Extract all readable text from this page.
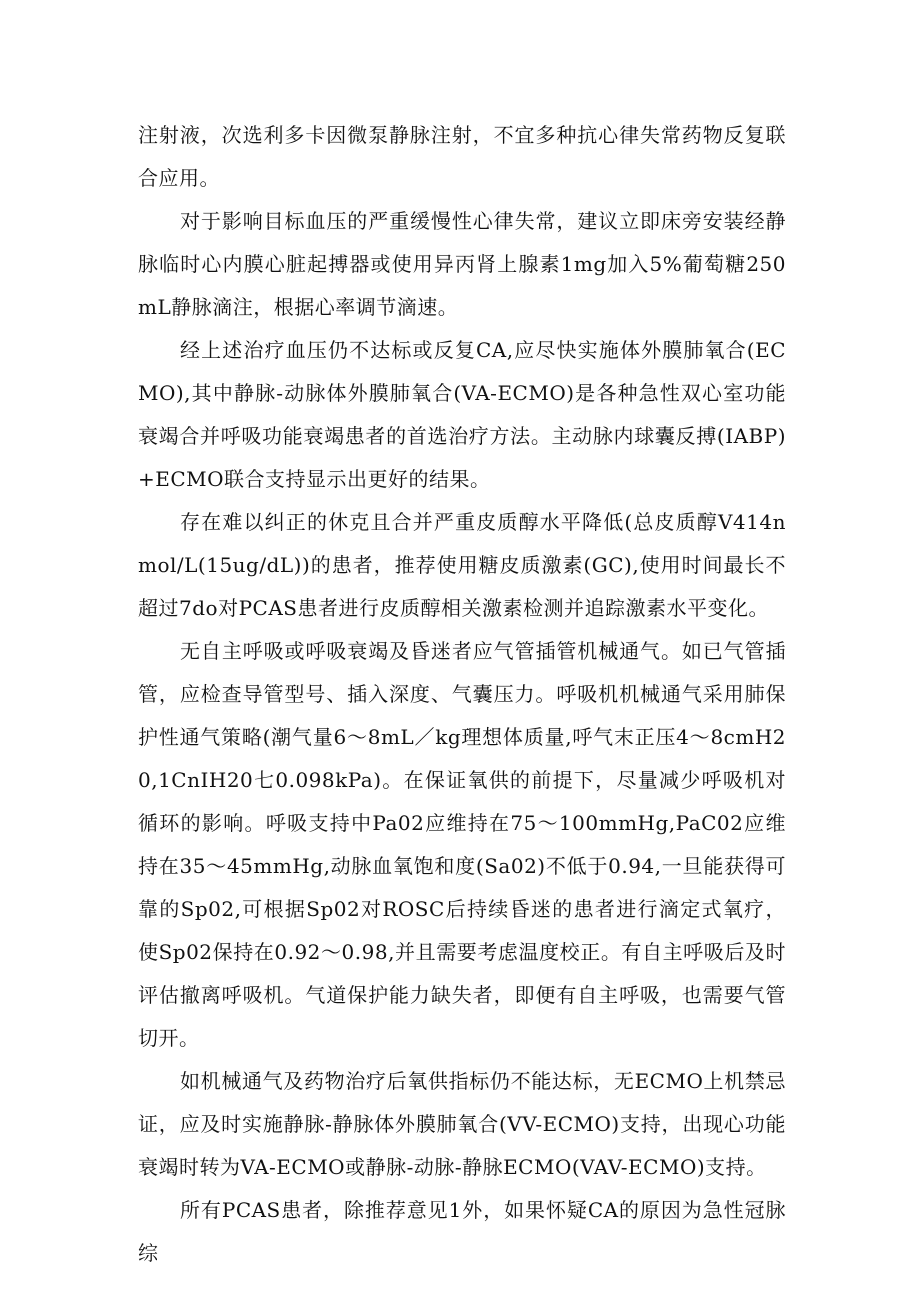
注射液，次选利多卡因微泵静脉注射，不宜多种抗心律失常药物反复联合应用。

对于影响目标血压的严重缓慢性心律失常，建议立即床旁安装经静脉临时心内膜心脏起搏器或使用异丙肾上腺素1mg加入5%葡萄糖250mL静脉滴注，根据心率调节滴速。

经上述治疗血压仍不达标或反复CA,应尽快实施体外膜肺氧合(ECMO),其中静脉-动脉体外膜肺氧合(VA-ECMO)是各种急性双心室功能衰竭合并呼吸功能衰竭患者的首选治疗方法。主动脉内球囊反搏(IABP)+ECMO联合支持显示出更好的结果。

存在难以纠正的休克且合并严重皮质醇水平降低(总皮质醇V414nmol/L(15ug/dL))的患者，推荐使用糖皮质激素(GC),使用时间最长不超过7do对PCAS患者进行皮质醇相关激素检测并追踪激素水平变化。

无自主呼吸或呼吸衰竭及昏迷者应气管插管机械通气。如已气管插管，应检查导管型号、插入深度、气囊压力。呼吸机机械通气采用肺保护性通气策略(潮气量6～8mL／kg理想体质量,呼气末正压4～8cmH20,1CnIH20七0.098kPa)。在保证氧供的前提下，尽量减少呼吸机对循环的影响。呼吸支持中Pa02应维持在75～100mmHg,PaC02应维持在35～45mmHg,动脉血氧饱和度(Sa02)不低于0.94,一旦能获得可靠的Sp02,可根据Sp02对ROSC后持续昏迷的患者进行滴定式氧疗，使Sp02保持在0.92～0.98,并且需要考虑温度校正。有自主呼吸后及时评估撤离呼吸机。气道保护能力缺失者，即便有自主呼吸，也需要气管切开。

如机械通气及药物治疗后氧供指标仍不能达标，无ECMO上机禁忌证，应及时实施静脉-静脉体外膜肺氧合(VV-ECMO)支持，出现心功能衰竭时转为VA-ECMO或静脉-动脉-静脉ECMO(VAV-ECMO)支持。

所有PCAS患者，除推荐意见1外，如果怀疑CA的原因为急性冠脉综
